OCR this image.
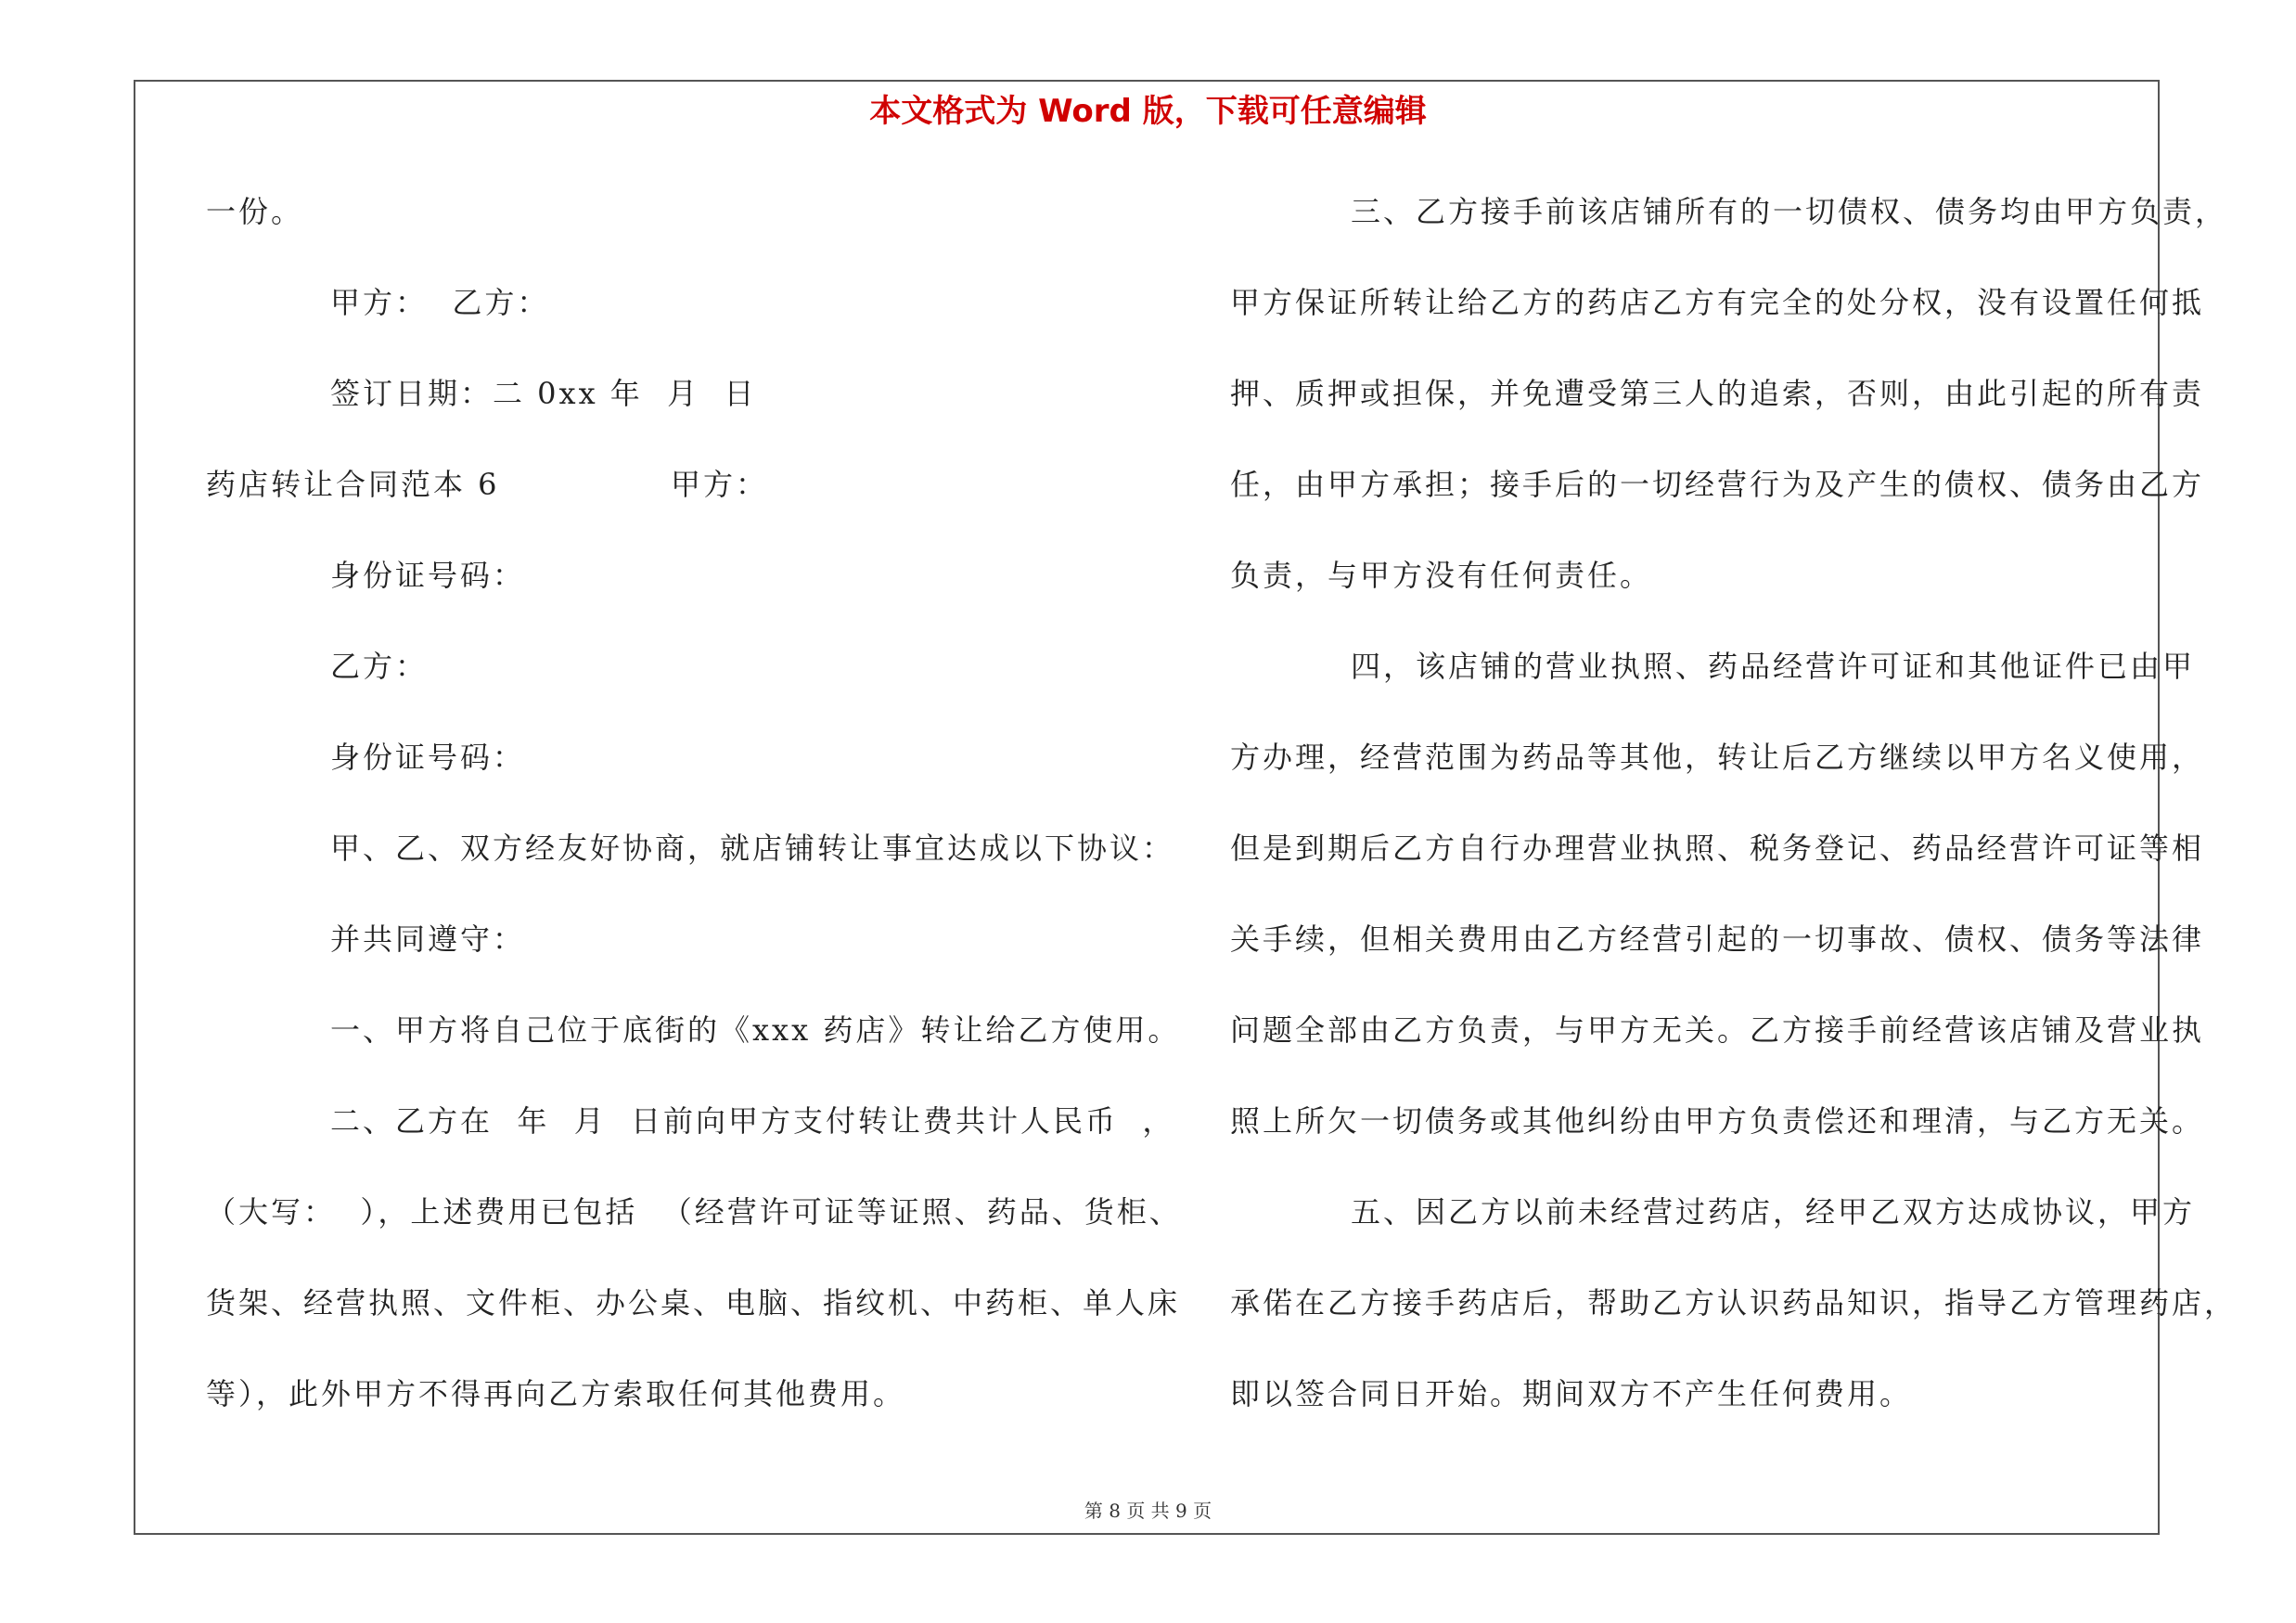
本文格式为 Word 版，下载可任意编辑
一份。
甲方：  乙方：
签订日期：二 0xx 年  月  日
药店转让合同范本 6              甲方：
身份证号码：
乙方：
身份证号码：
甲、乙、双方经友好协商，就店铺转让事宜达成以下协议：
并共同遵守：
一、甲方将自己位于底街的《xxx 药店》转让给乙方使用。
二、乙方在  年  月  日前向甲方支付转让费共计人民币  ，
（大写：  ），上述费用已包括  （经营许可证等证照、药品、货柜、
货架、经营执照、文件柜、办公桌、电脑、指纹机、中药柜、单人床
等），此外甲方不得再向乙方索取任何其他费用。
三、乙方接手前该店铺所有的一切债权、债务均由甲方负责，
甲方保证所转让给乙方的药店乙方有完全的处分权，没有设置任何抵
押、质押或担保，并免遭受第三人的追索，否则，由此引起的所有责
任，由甲方承担；接手后的一切经营行为及产生的债权、债务由乙方
负责，与甲方没有任何责任。
四，该店铺的营业执照、药品经营许可证和其他证件已由甲
方办理，经营范围为药品等其他，转让后乙方继续以甲方名义使用，
但是到期后乙方自行办理营业执照、税务登记、药品经营许可证等相
关手续，但相关费用由乙方经营引起的一切事故、债权、债务等法律
问题全部由乙方负责，与甲方无关。乙方接手前经营该店铺及营业执
照上所欠一切债务或其他纠纷由甲方负责偿还和理清，与乙方无关。
五、因乙方以前未经营过药店，经甲乙双方达成协议，甲方
承偌在乙方接手药店后，帮助乙方认识药品知识，指导乙方管理药店，
即以签合同日开始。期间双方不产生任何费用。
第 8 页 共 9 页
